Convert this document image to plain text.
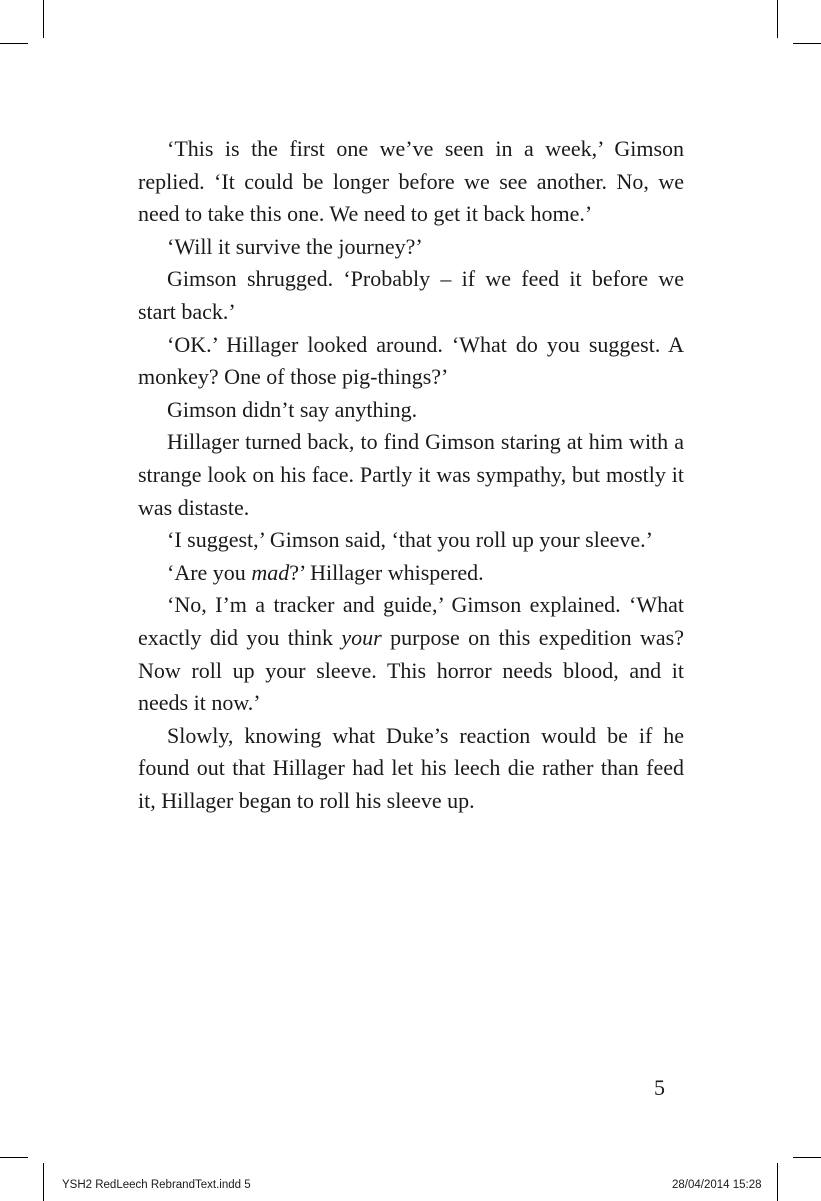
‘This is the first one we’ve seen in a week,’ Gimson replied. ‘It could be longer before we see another. No, we need to take this one. We need to get it back home.’

‘Will it survive the journey?’

Gimson shrugged. ‘Probably – if we feed it before we start back.’

‘OK.’ Hillager looked around. ‘What do you suggest. A monkey? One of those pig-things?’

Gimson didn’t say anything.

Hillager turned back, to find Gimson staring at him with a strange look on his face. Partly it was sympathy, but mostly it was distaste.

‘I suggest,’ Gimson said, ‘that you roll up your sleeve.’

‘Are you mad?’ Hillager whispered.

‘No, I’m a tracker and guide,’ Gimson explained. ‘What exactly did you think your purpose on this expedition was? Now roll up your sleeve. This horror needs blood, and it needs it now.’

Slowly, knowing what Duke’s reaction would be if he found out that Hillager had let his leech die rather than feed it, Hillager began to roll his sleeve up.

5
YSH2 RedLeech RebrandText.indd 5	28/04/2014 15:28
